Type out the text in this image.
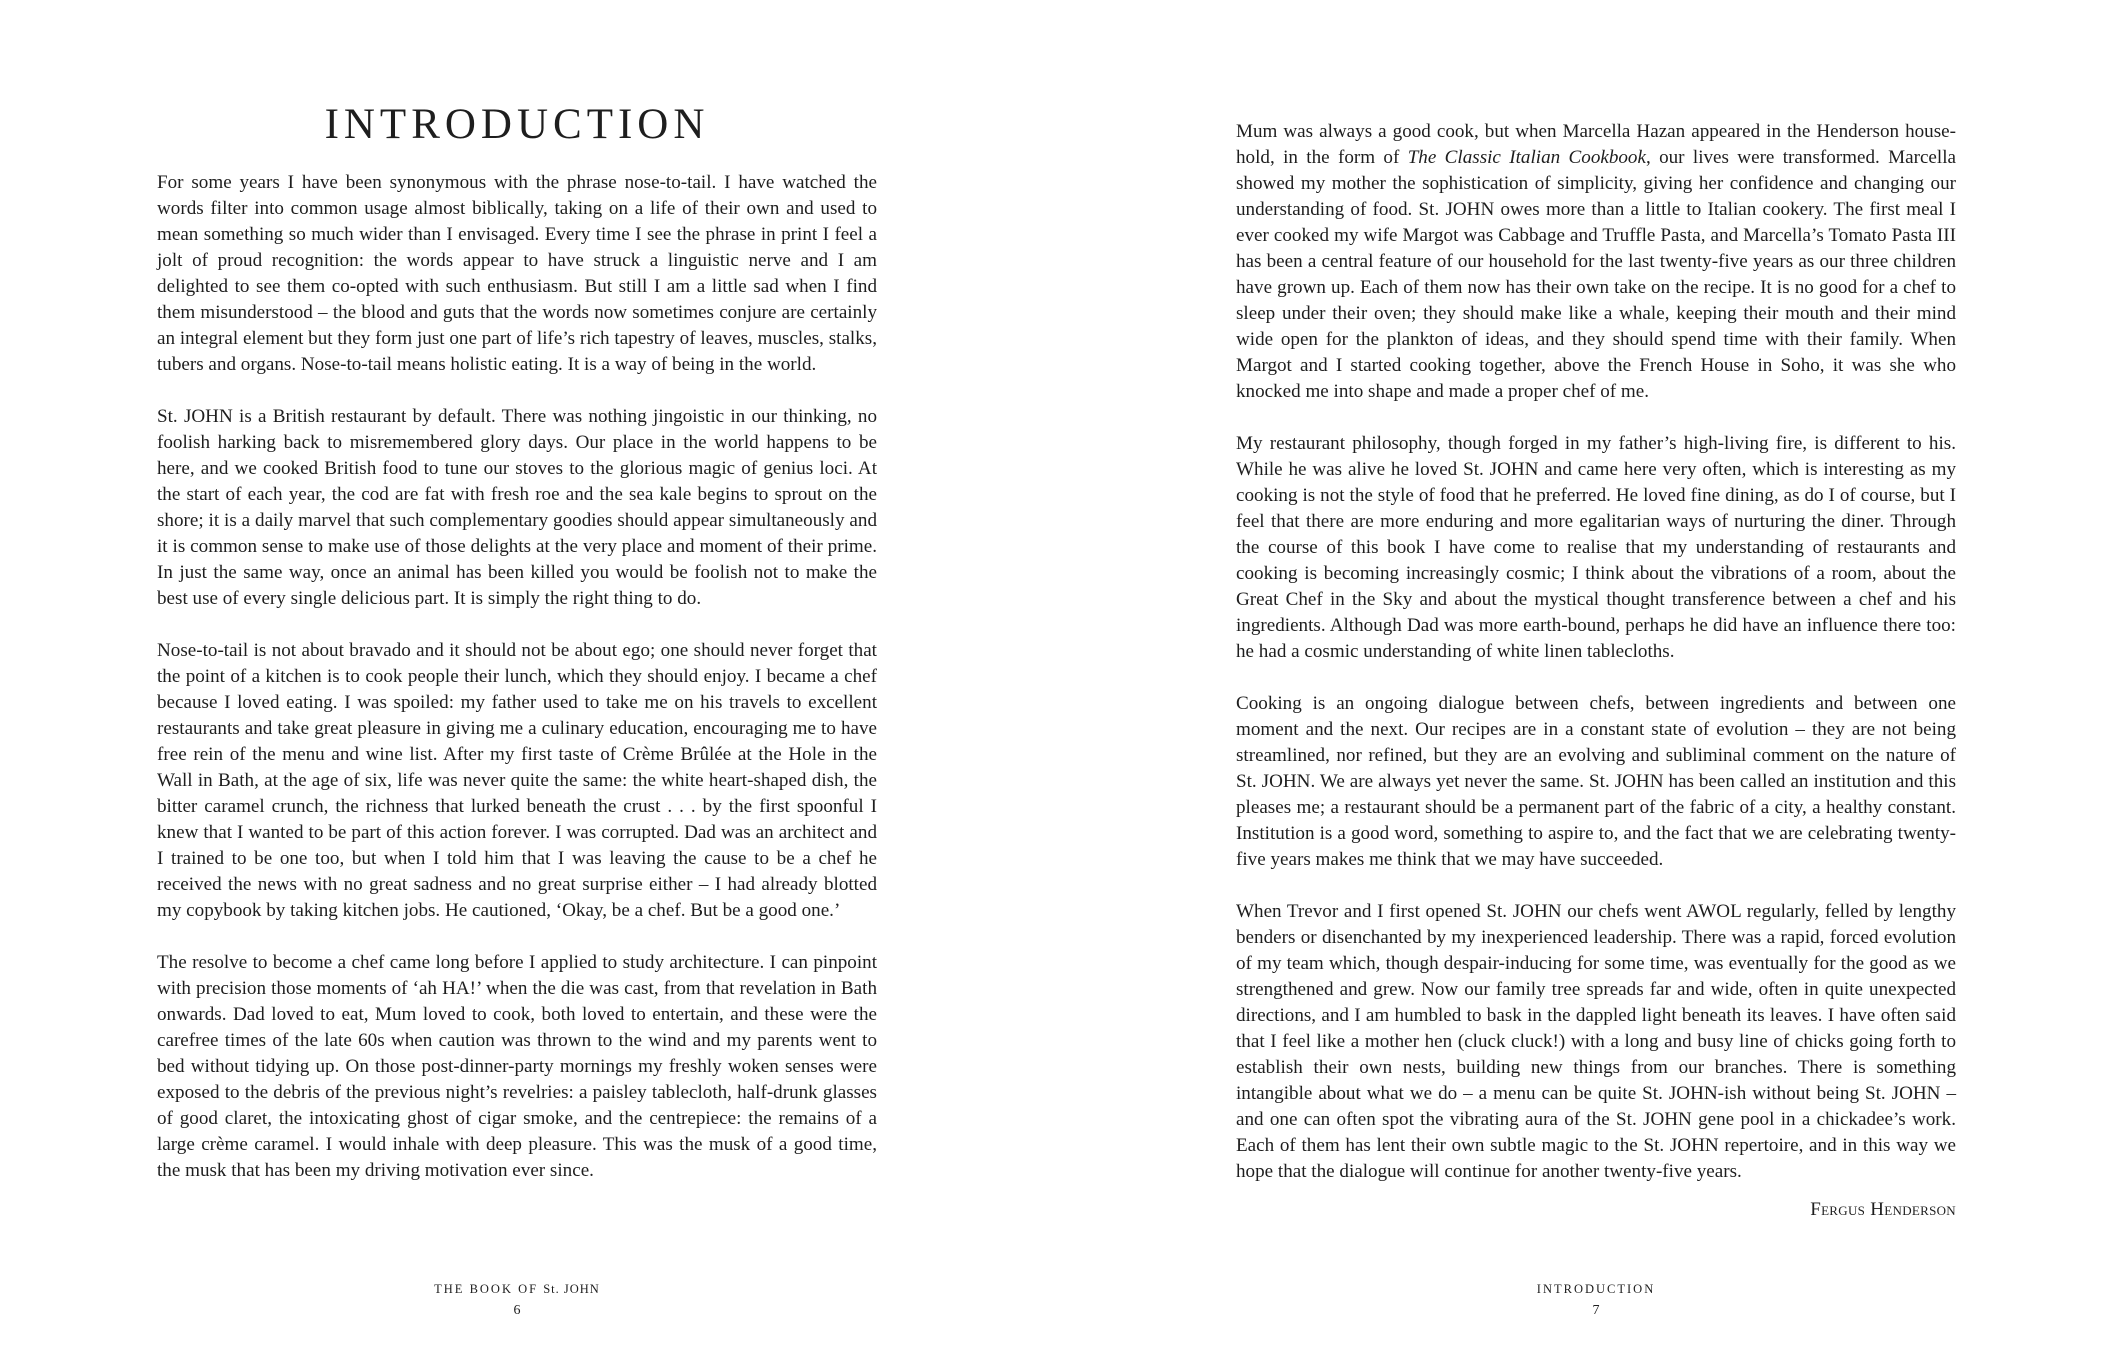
INTRODUCTION

For some years I have been synonymous with the phrase nose-to-tail. I have watched the words filter into common usage almost biblically, taking on a life of their own and used to mean something so much wider than I envisaged. Every time I see the phrase in print I feel a jolt of proud recognition: the words appear to have struck a linguistic nerve and I am delighted to see them co-opted with such enthusiasm. But still I am a little sad when I find them misunderstood – the blood and guts that the words now sometimes conjure are certainly an integral element but they form just one part of life’s rich tapestry of leaves, muscles, stalks, tubers and organs. Nose-to-tail means holistic eating. It is a way of being in the world.

St. JOHN is a British restaurant by default. There was nothing jingoistic in our thinking, no foolish harking back to misremembered glory days. Our place in the world happens to be here, and we cooked British food to tune our stoves to the glorious magic of genius loci. At the start of each year, the cod are fat with fresh roe and the sea kale begins to sprout on the shore; it is a daily marvel that such complementary goodies should appear simultaneously and it is common sense to make use of those delights at the very place and moment of their prime. In just the same way, once an animal has been killed you would be foolish not to make the best use of every single delicious part. It is simply the right thing to do.

Nose-to-tail is not about bravado and it should not be about ego; one should never forget that the point of a kitchen is to cook people their lunch, which they should enjoy. I became a chef because I loved eating. I was spoiled: my father used to take me on his travels to excellent restaurants and take great pleasure in giving me a culinary education, encouraging me to have free rein of the menu and wine list. After my first taste of Crème Brûlée at the Hole in the Wall in Bath, at the age of six, life was never quite the same: the white heart-shaped dish, the bitter caramel crunch, the richness that lurked beneath the crust . . . by the first spoonful I knew that I wanted to be part of this action forever. I was corrupted. Dad was an architect and I trained to be one too, but when I told him that I was leaving the cause to be a chef he received the news with no great sadness and no great surprise either – I had already blotted my copybook by taking kitchen jobs. He cautioned, ‘Okay, be a chef. But be a good one.’

The resolve to become a chef came long before I applied to study architecture. I can pinpoint with precision those moments of ‘ah HA!’ when the die was cast, from that revelation in Bath onwards. Dad loved to eat, Mum loved to cook, both loved to entertain, and these were the carefree times of the late 60s when caution was thrown to the wind and my parents went to bed without tidying up. On those post-dinner-party mornings my freshly woken senses were exposed to the debris of the previous night’s revelries: a paisley tablecloth, half-drunk glasses of good claret, the intoxicating ghost of cigar smoke, and the centrepiece: the remains of a large crème caramel. I would inhale with deep pleasure. This was the musk of a good time, the musk that has been my driving motivation ever since.

THE BOOK OF St. JOHN
6

Mum was always a good cook, but when Marcella Hazan appeared in the Henderson household, in the form of The Classic Italian Cookbook, our lives were transformed. Marcella showed my mother the sophistication of simplicity, giving her confidence and changing our understanding of food. St. JOHN owes more than a little to Italian cookery. The first meal I ever cooked my wife Margot was Cabbage and Truffle Pasta, and Marcella’s Tomato Pasta III has been a central feature of our household for the last twenty-five years as our three children have grown up. Each of them now has their own take on the recipe. It is no good for a chef to sleep under their oven; they should make like a whale, keeping their mouth and their mind wide open for the plankton of ideas, and they should spend time with their family. When Margot and I started cooking together, above the French House in Soho, it was she who knocked me into shape and made a proper chef of me.

My restaurant philosophy, though forged in my father’s high-living fire, is different to his. While he was alive he loved St. JOHN and came here very often, which is interesting as my cooking is not the style of food that he preferred. He loved fine dining, as do I of course, but I feel that there are more enduring and more egalitarian ways of nurturing the diner. Through the course of this book I have come to realise that my understanding of restaurants and cooking is becoming increasingly cosmic; I think about the vibrations of a room, about the Great Chef in the Sky and about the mystical thought transference between a chef and his ingredients. Although Dad was more earth-bound, perhaps he did have an influence there too: he had a cosmic understanding of white linen tablecloths.

Cooking is an ongoing dialogue between chefs, between ingredients and between one moment and the next. Our recipes are in a constant state of evolution – they are not being streamlined, nor refined, but they are an evolving and subliminal comment on the nature of St. JOHN. We are always yet never the same. St. JOHN has been called an institution and this pleases me; a restaurant should be a permanent part of the fabric of a city, a healthy constant. Institution is a good word, something to aspire to, and the fact that we are celebrating twenty-five years makes me think that we may have succeeded.

When Trevor and I first opened St. JOHN our chefs went AWOL regularly, felled by lengthy benders or disenchanted by my inexperienced leadership. There was a rapid, forced evolution of my team which, though despair-inducing for some time, was eventually for the good as we strengthened and grew. Now our family tree spreads far and wide, often in quite unexpected directions, and I am humbled to bask in the dappled light beneath its leaves. I have often said that I feel like a mother hen (cluck cluck!) with a long and busy line of chicks going forth to establish their own nests, building new things from our branches. There is something intangible about what we do – a menu can be quite St. JOHN-ish without being St. JOHN – and one can often spot the vibrating aura of the St. JOHN gene pool in a chickadee’s work. Each of them has lent their own subtle magic to the St. JOHN repertoire, and in this way we hope that the dialogue will continue for another twenty-five years.

Fergus Henderson

INTRODUCTION
7
